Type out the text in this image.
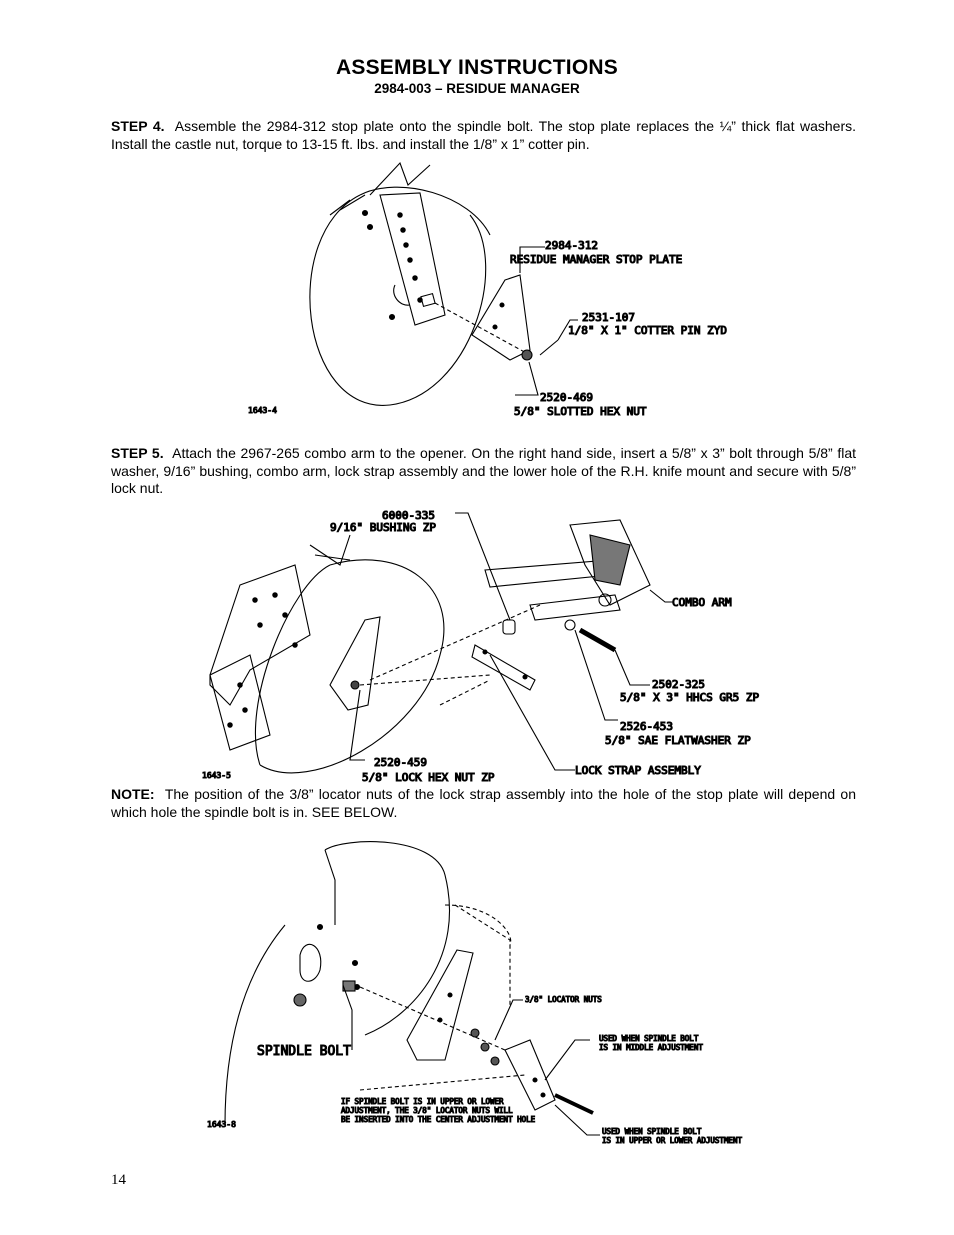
ASSEMBLY INSTRUCTIONS
2984-003 – RESIDUE MANAGER
STEP 4. Assemble the 2984-312 stop plate onto the spindle bolt. The stop plate replaces the ¼” thick flat washers. Install the castle nut, torque to 13-15 ft. lbs. and install the 1/8” x 1” cotter pin.
2984-312
RESIDUE MANAGER STOP PLATE
2531-107
1/8" X 1" COTTER PIN ZYD
2520-469
5/8" SLOTTED HEX NUT
1643-4
STEP 5. Attach the 2967-265 combo arm to the opener. On the right hand side, insert a 5/8” x 3” bolt through 5/8” flat washer, 9/16” bushing, combo arm, lock strap assembly and the lower hole of the R.H. knife mount and secure with 5/8” lock nut.
6000-335
9/16" BUSHING ZP
COMBO ARM
2502-325
5/8" X 3" HHCS GR5 ZP
2526-453
5/8" SAE FLATWASHER ZP
2520-459
5/8" LOCK HEX NUT ZP
LOCK STRAP ASSEMBLY
1643-5
NOTE: The position of the 3/8” locator nuts of the lock strap assembly into the hole of the stop plate will depend on which hole the spindle bolt is in. SEE BELOW.
SPINDLE BOLT
3/8" LOCATOR NUTS
USED WHEN SPINDLE BOLT
IS IN MIDDLE ADJUSTMENT
USED WHEN SPINDLE BOLT
IS IN UPPER OR LOWER ADJUSTMENT
IF SPINDLE BOLT IS IN UPPER OR LOWER
ADJUSTMENT, THE 3/8" LOCATOR NUTS WILL
BE INSERTED INTO THE CENTER ADJUSTMENT HOLE
1643-8
14
